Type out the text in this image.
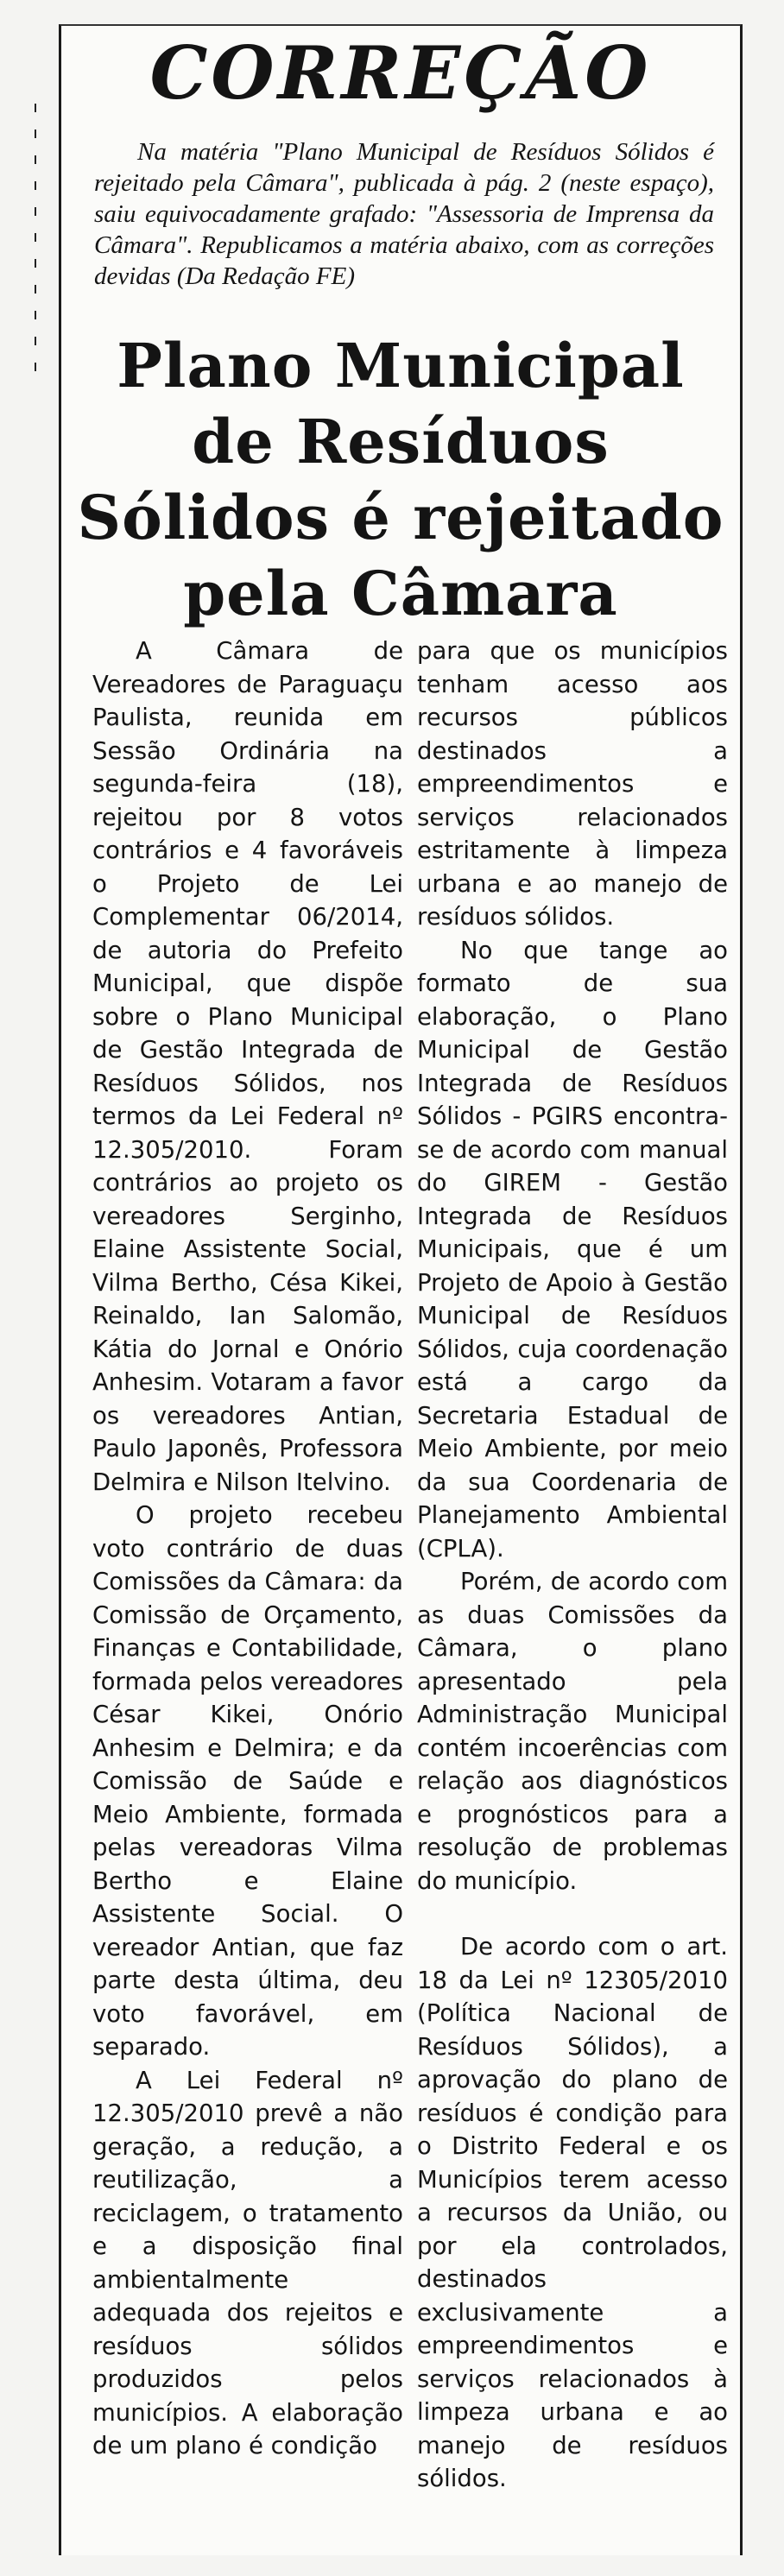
CORREÇÃO

Na matéria "Plano Municipal de Resíduos Sólidos é rejeitado pela Câmara", publicada à pág. 2 (neste espaço), saiu equivocadamente grafado: "Assessoria de Imprensa da Câmara". Republicamos a matéria abaixo, com as correções devidas (Da Redação FE)

Plano Municipal de Resíduos Sólidos é rejeitado pela Câmara

A Câmara de Vereadores de Paraguaçu Paulista, reunida em Sessão Ordinária na segunda-feira (18), rejeitou por 8 votos contrários e 4 favoráveis o Projeto de Lei Complementar 06/2014, de autoria do Prefeito Municipal, que dispõe sobre o Plano Municipal de Gestão Integrada de Resíduos Sólidos, nos termos da Lei Federal nº 12.305/2010. Foram contrários ao projeto os vereadores Serginho, Elaine Assistente Social, Vilma Bertho, Césa Kikei, Reinaldo, Ian Salomão, Kátia do Jornal e Onório Anhesim. Votaram a favor os vereadores Antian, Paulo Japonês, Professora Delmira e Nilson Itelvino.

O projeto recebeu voto contrário de duas Comissões da Câmara: da Comissão de Orçamento, Finanças e Contabilidade, formada pelos vereadores César Kikei, Onório Anhesim e Delmira; e da Comissão de Saúde e Meio Ambiente, formada pelas vereadoras Vilma Bertho e Elaine Assistente Social. O vereador Antian, que faz parte desta última, deu voto favorável, em separado.

A Lei Federal nº 12.305/2010 prevê a não geração, a redução, a reutilização, a reciclagem, o tratamento e a disposição final ambientalmente adequada dos rejeitos e resíduos sólidos produzidos pelos municípios. A elaboração de um plano é condição

para que os municípios tenham acesso aos recursos públicos destinados a empreendimentos e serviços relacionados estritamente à limpeza urbana e ao manejo de resíduos sólidos.

No que tange ao formato de sua elaboração, o Plano Municipal de Gestão Integrada de Resíduos Sólidos - PGIRS encontra-se de acordo com manual do GIREM - Gestão Integrada de Resíduos Municipais, que é um Projeto de Apoio à Gestão Municipal de Resíduos Sólidos, cuja coordenação está a cargo da Secretaria Estadual de Meio Ambiente, por meio da sua Coordenaria de Planejamento Ambiental (CPLA).

Porém, de acordo com as duas Comissões da Câmara, o plano apresentado pela Administração Municipal contém incoerências com relação aos diagnósticos e prognósticos para a resolução de problemas do município.

De acordo com o art. 18 da Lei nº 12305/2010 (Política Nacional de Resíduos Sólidos), a aprovação do plano de resíduos é condição para o Distrito Federal e os Municípios terem acesso a recursos da União, ou por ela controlados, destinados exclusivamente a empreendimentos e serviços relacionados à limpeza urbana e ao manejo de resíduos sólidos.
